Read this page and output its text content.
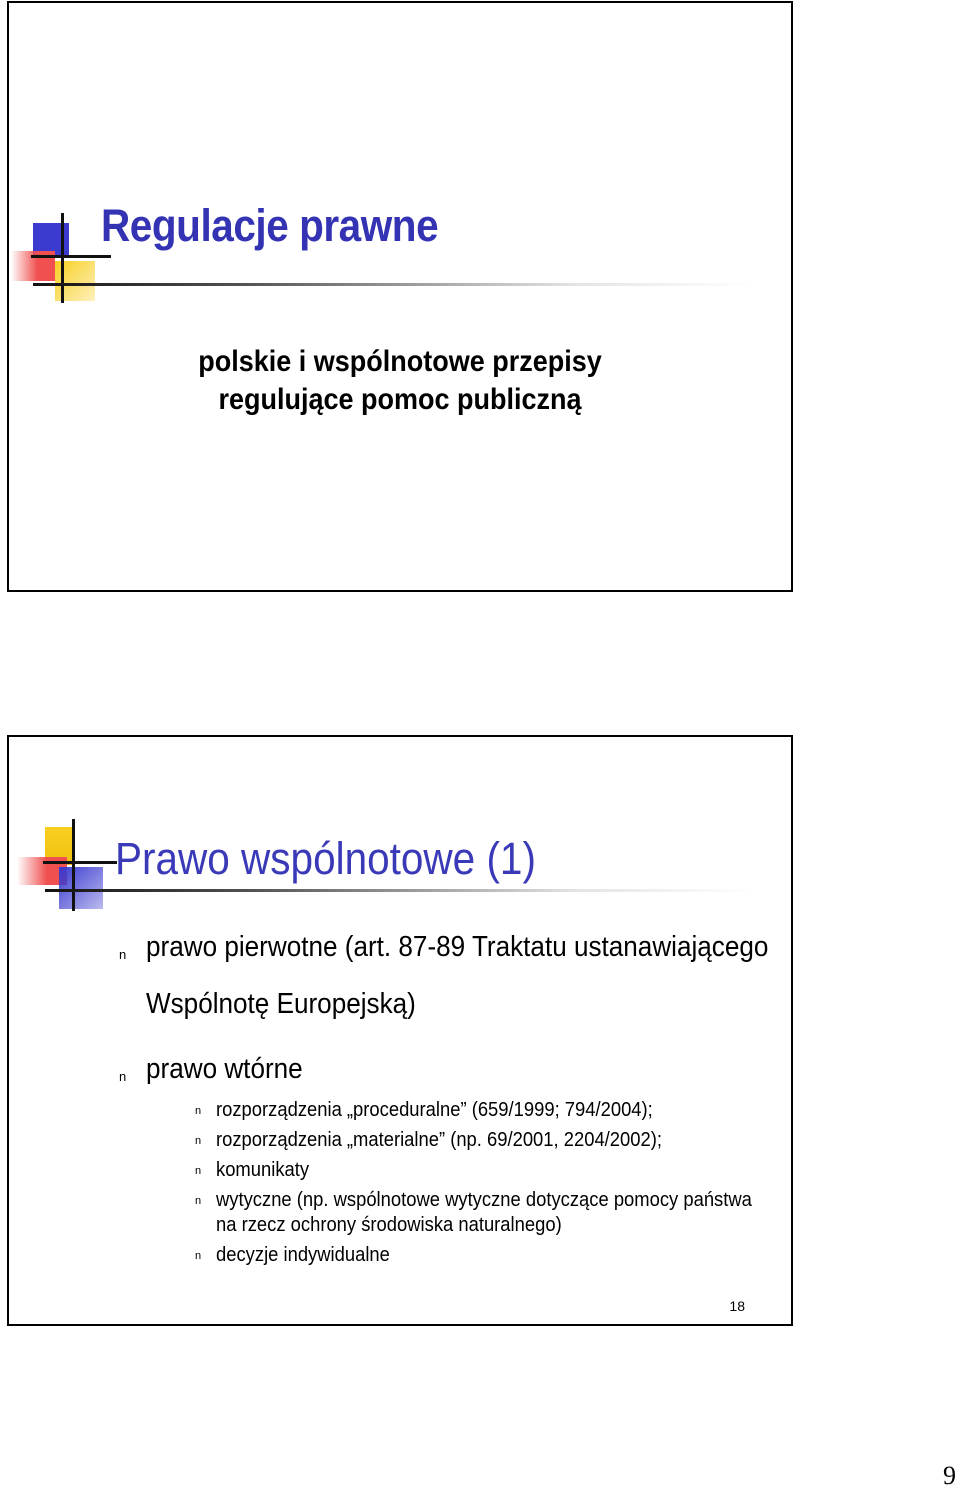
Regulacje prawne
polskie i wspólnotowe przepisy
regulujące pomoc publiczną
Prawo wspólnotowe (1)
n prawo pierwotne (art. 87-89 Traktatu ustanawiającego
Wspólnotę Europejską)
n prawo wtórne
n rozporządzenia „proceduralne” (659/1999; 794/2004);
n rozporządzenia „materialne” (np. 69/2001, 2204/2002);
n komunikaty
n wytyczne (np. wspólnotowe wytyczne dotyczące pomocy państwa
na rzecz ochrony środowiska naturalnego)
n decyzje indywidualne
18
9
